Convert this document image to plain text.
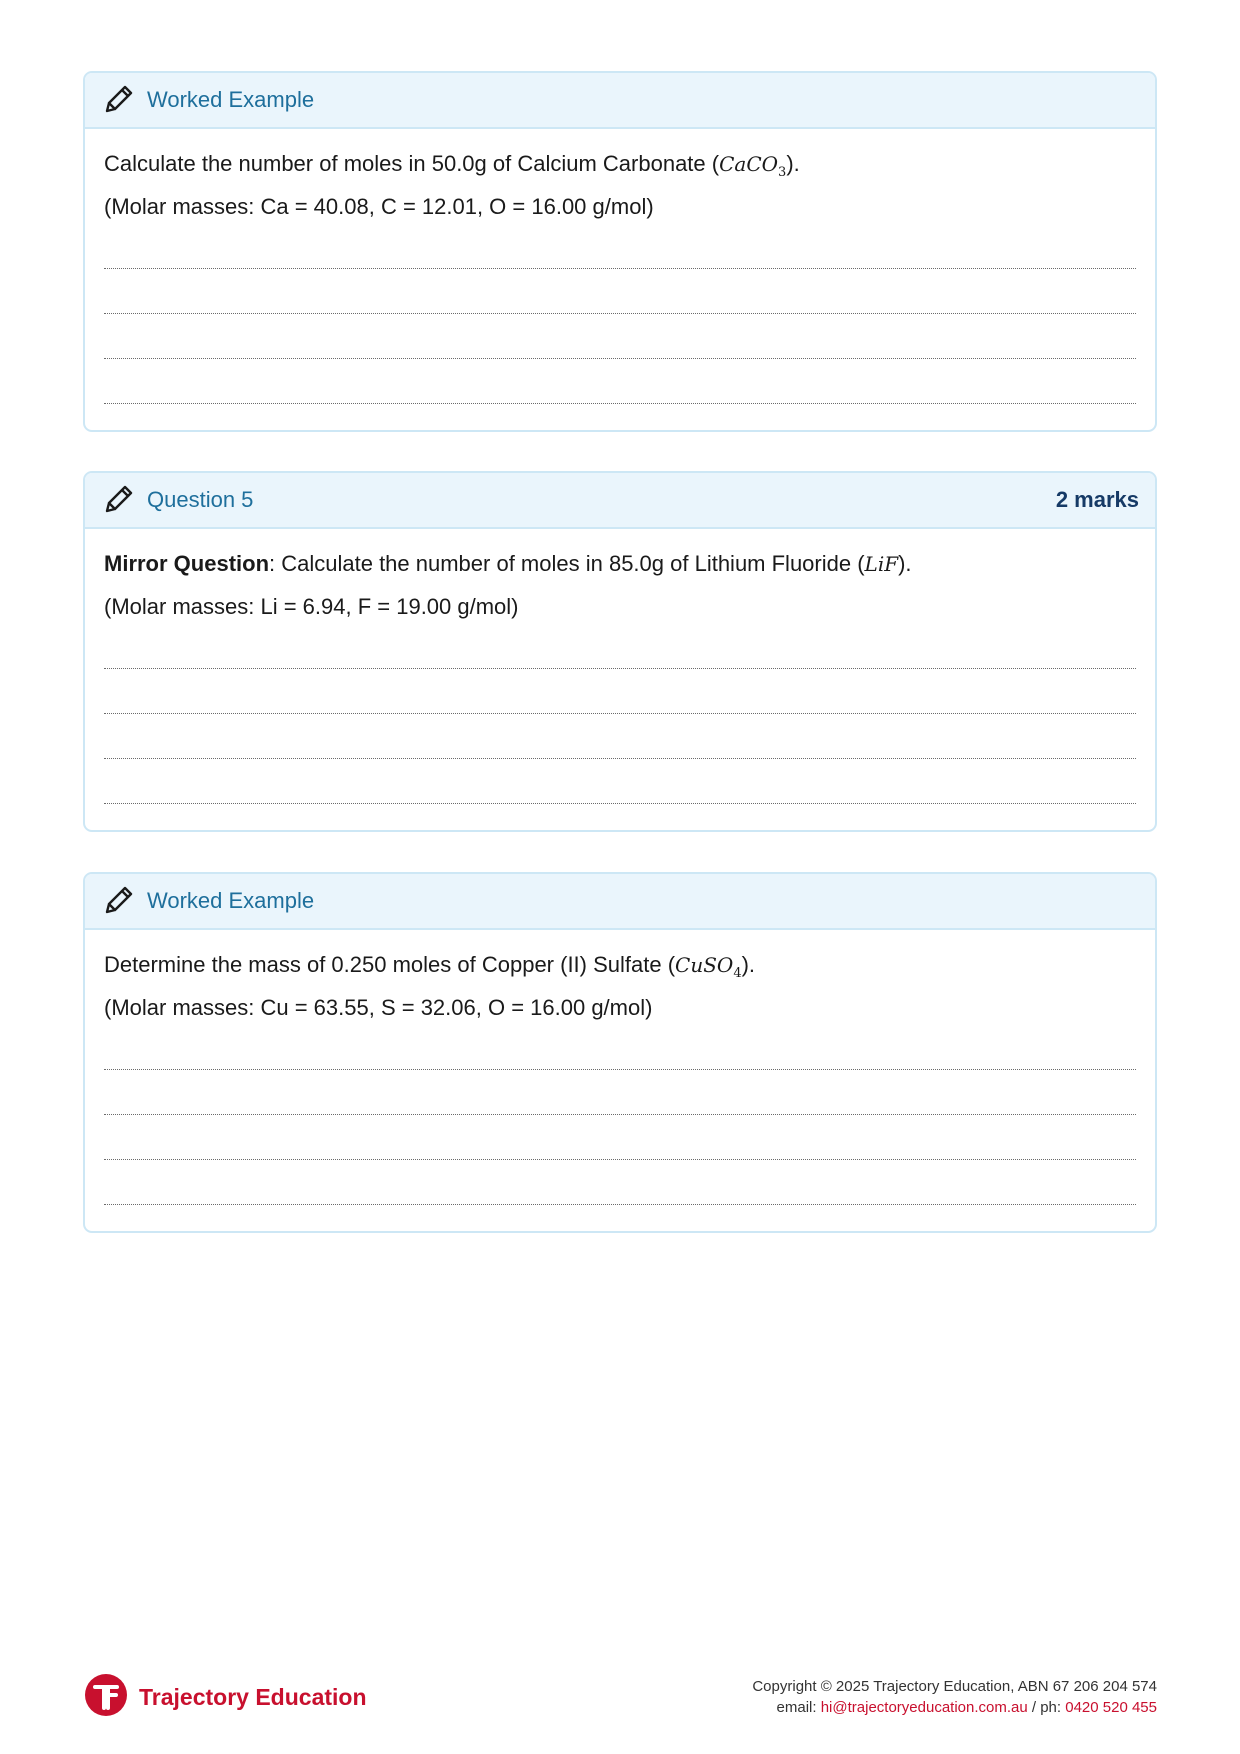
Worked Example

Calculate the number of moles in 50.0g of Calcium Carbonate (CaCO$_3$).

(Molar masses: Ca = 40.08, C = 12.01, O = 16.00 g/mol)

Question 5	2 marks

Mirror Question: Calculate the number of moles in 85.0g of Lithium Fluoride (LiF).

(Molar masses: Li = 6.94, F = 19.00 g/mol)

Worked Example

Determine the mass of 0.250 moles of Copper (II) Sulfate (CuSO$_4$).

(Molar masses: Cu = 63.55, S = 32.06, O = 16.00 g/mol)

Trajectory Education	Copyright © 2025 Trajectory Education, ABN 67 206 204 574
email: hi@trajectoryeducation.com.au / ph: 0420 520 455
